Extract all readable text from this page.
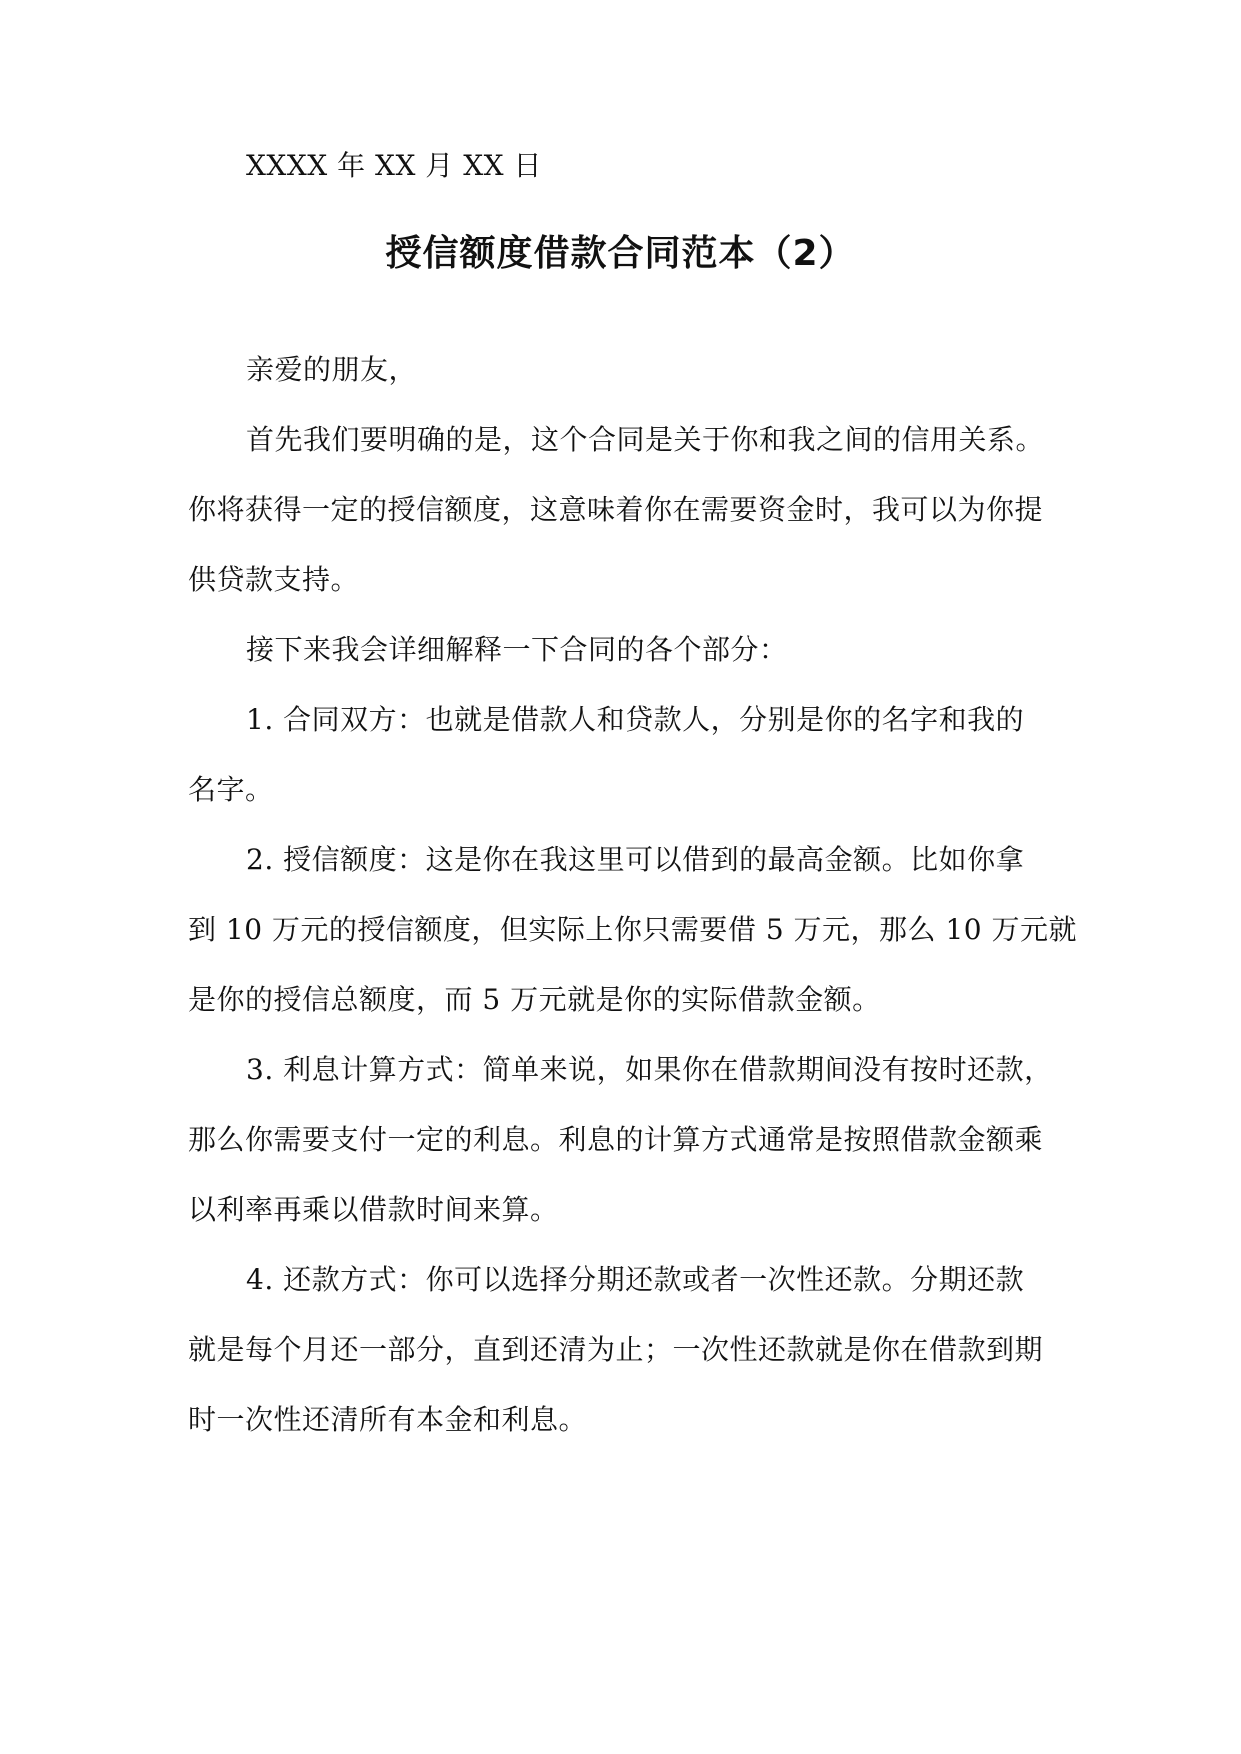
XXXX 年 XX 月 XX 日
授信额度借款合同范本（2）
亲爱的朋友，
首先我们要明确的是，这个合同是关于你和我之间的信用关系。
你将获得一定的授信额度，这意味着你在需要资金时，我可以为你提
供贷款支持。
接下来我会详细解释一下合同的各个部分：
1. 合同双方：也就是借款人和贷款人，分别是你的名字和我的
名字。
2. 授信额度：这是你在我这里可以借到的最高金额。比如你拿
到 10 万元的授信额度，但实际上你只需要借 5 万元，那么 10 万元就
是你的授信总额度，而 5 万元就是你的实际借款金额。
3. 利息计算方式：简单来说，如果你在借款期间没有按时还款，
那么你需要支付一定的利息。利息的计算方式通常是按照借款金额乘
以利率再乘以借款时间来算。
4. 还款方式：你可以选择分期还款或者一次性还款。分期还款
就是每个月还一部分，直到还清为止；一次性还款就是你在借款到期
时一次性还清所有本金和利息。
